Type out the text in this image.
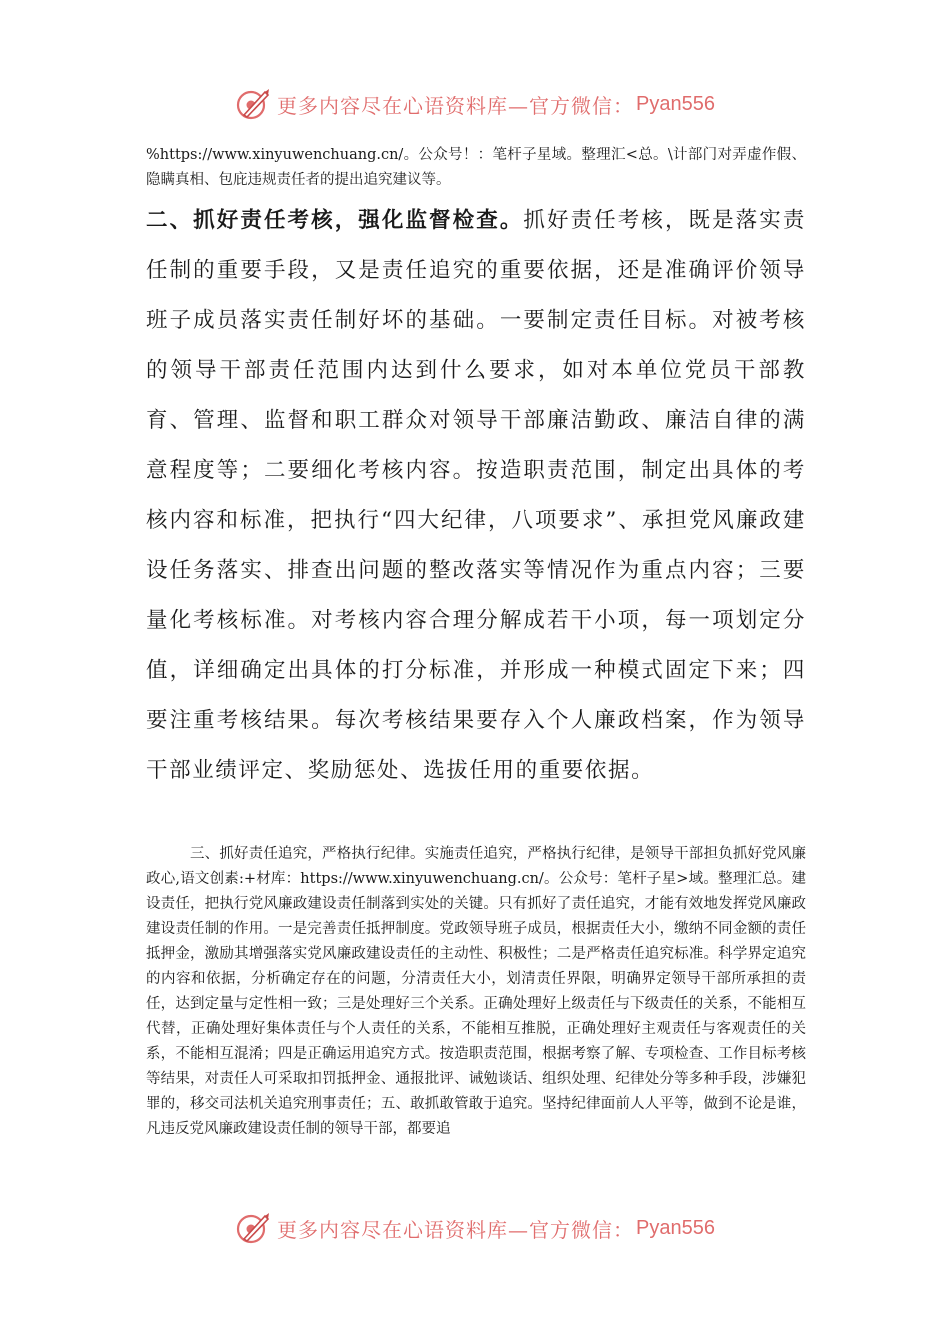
更多内容尽在心语资料库—官方微信： Pyan556

%https://www.xinyuwenchuang.cn/。公众号！：笔杆子星域。整理汇<总。\计部门对弄虚作假、隐瞒真相、包庇违规责任者的提出追究建议等。

二、抓好责任考核，强化监督检查。抓好责任考核，既是落实责任制的重要手段，又是责任追究的重要依据，还是准确评价领导班子成员落实责任制好坏的基础。一要制定责任目标。对被考核的领导干部责任范围内达到什么要求，如对本单位党员干部教育、管理、监督和职工群众对领导干部廉洁勤政、廉洁自律的满意程度等；二要细化考核内容。按造职责范围，制定出具体的考核内容和标准，把执行“四大纪律，八项要求”、承担党风廉政建设任务落实、排查出问题的整改落实等情况作为重点内容；三要量化考核标准。对考核内容合理分解成若干小项，每一项划定分值，详细确定出具体的打分标准，并形成一种模式固定下来；四要注重考核结果。每次考核结果要存入个人廉政档案，作为领导干部业绩评定、奖励惩处、选拔任用的重要依据。

三、抓好责任追究，严格执行纪律。实施责任追究，严格执行纪律，是领导干部担负抓好党风廉政心,语文创素:+材库：https://www.xinyuwenchuang.cn/。公众号：笔杆子星>域。整理汇总。建设责任，把执行党风廉政建设责任制落到实处的关键。只有抓好了责任追究，才能有效地发挥党风廉政建设责任制的作用。一是完善责任抵押制度。党政领导班子成员，根据责任大小，缴纳不同金额的责任抵押金，激励其增强落实党风廉政建设责任的主动性、积极性；二是严格责任追究标准。科学界定追究的内容和依据，分析确定存在的问题，分清责任大小，划清责任界限，明确界定领导干部所承担的责任，达到定量与定性相一致；三是处理好三个关系。正确处理好上级责任与下级责任的关系，不能相互代替，正确处理好集体责任与个人责任的关系，不能相互推脱，正确处理好主观责任与客观责任的关系，不能相互混淆；四是正确运用追究方式。按造职责范围，根据考察了解、专项检查、工作目标考核等结果，对责任人可采取扣罚抵押金、通报批评、诫勉谈话、组织处理、纪律处分等多种手段，涉嫌犯罪的，移交司法机关追究刑事责任；五、敢抓敢管敢于追究。坚持纪律面前人人平等，做到不论是谁，凡违反党风廉政建设责任制的领导干部，都要追

更多内容尽在心语资料库—官方微信： Pyan556
